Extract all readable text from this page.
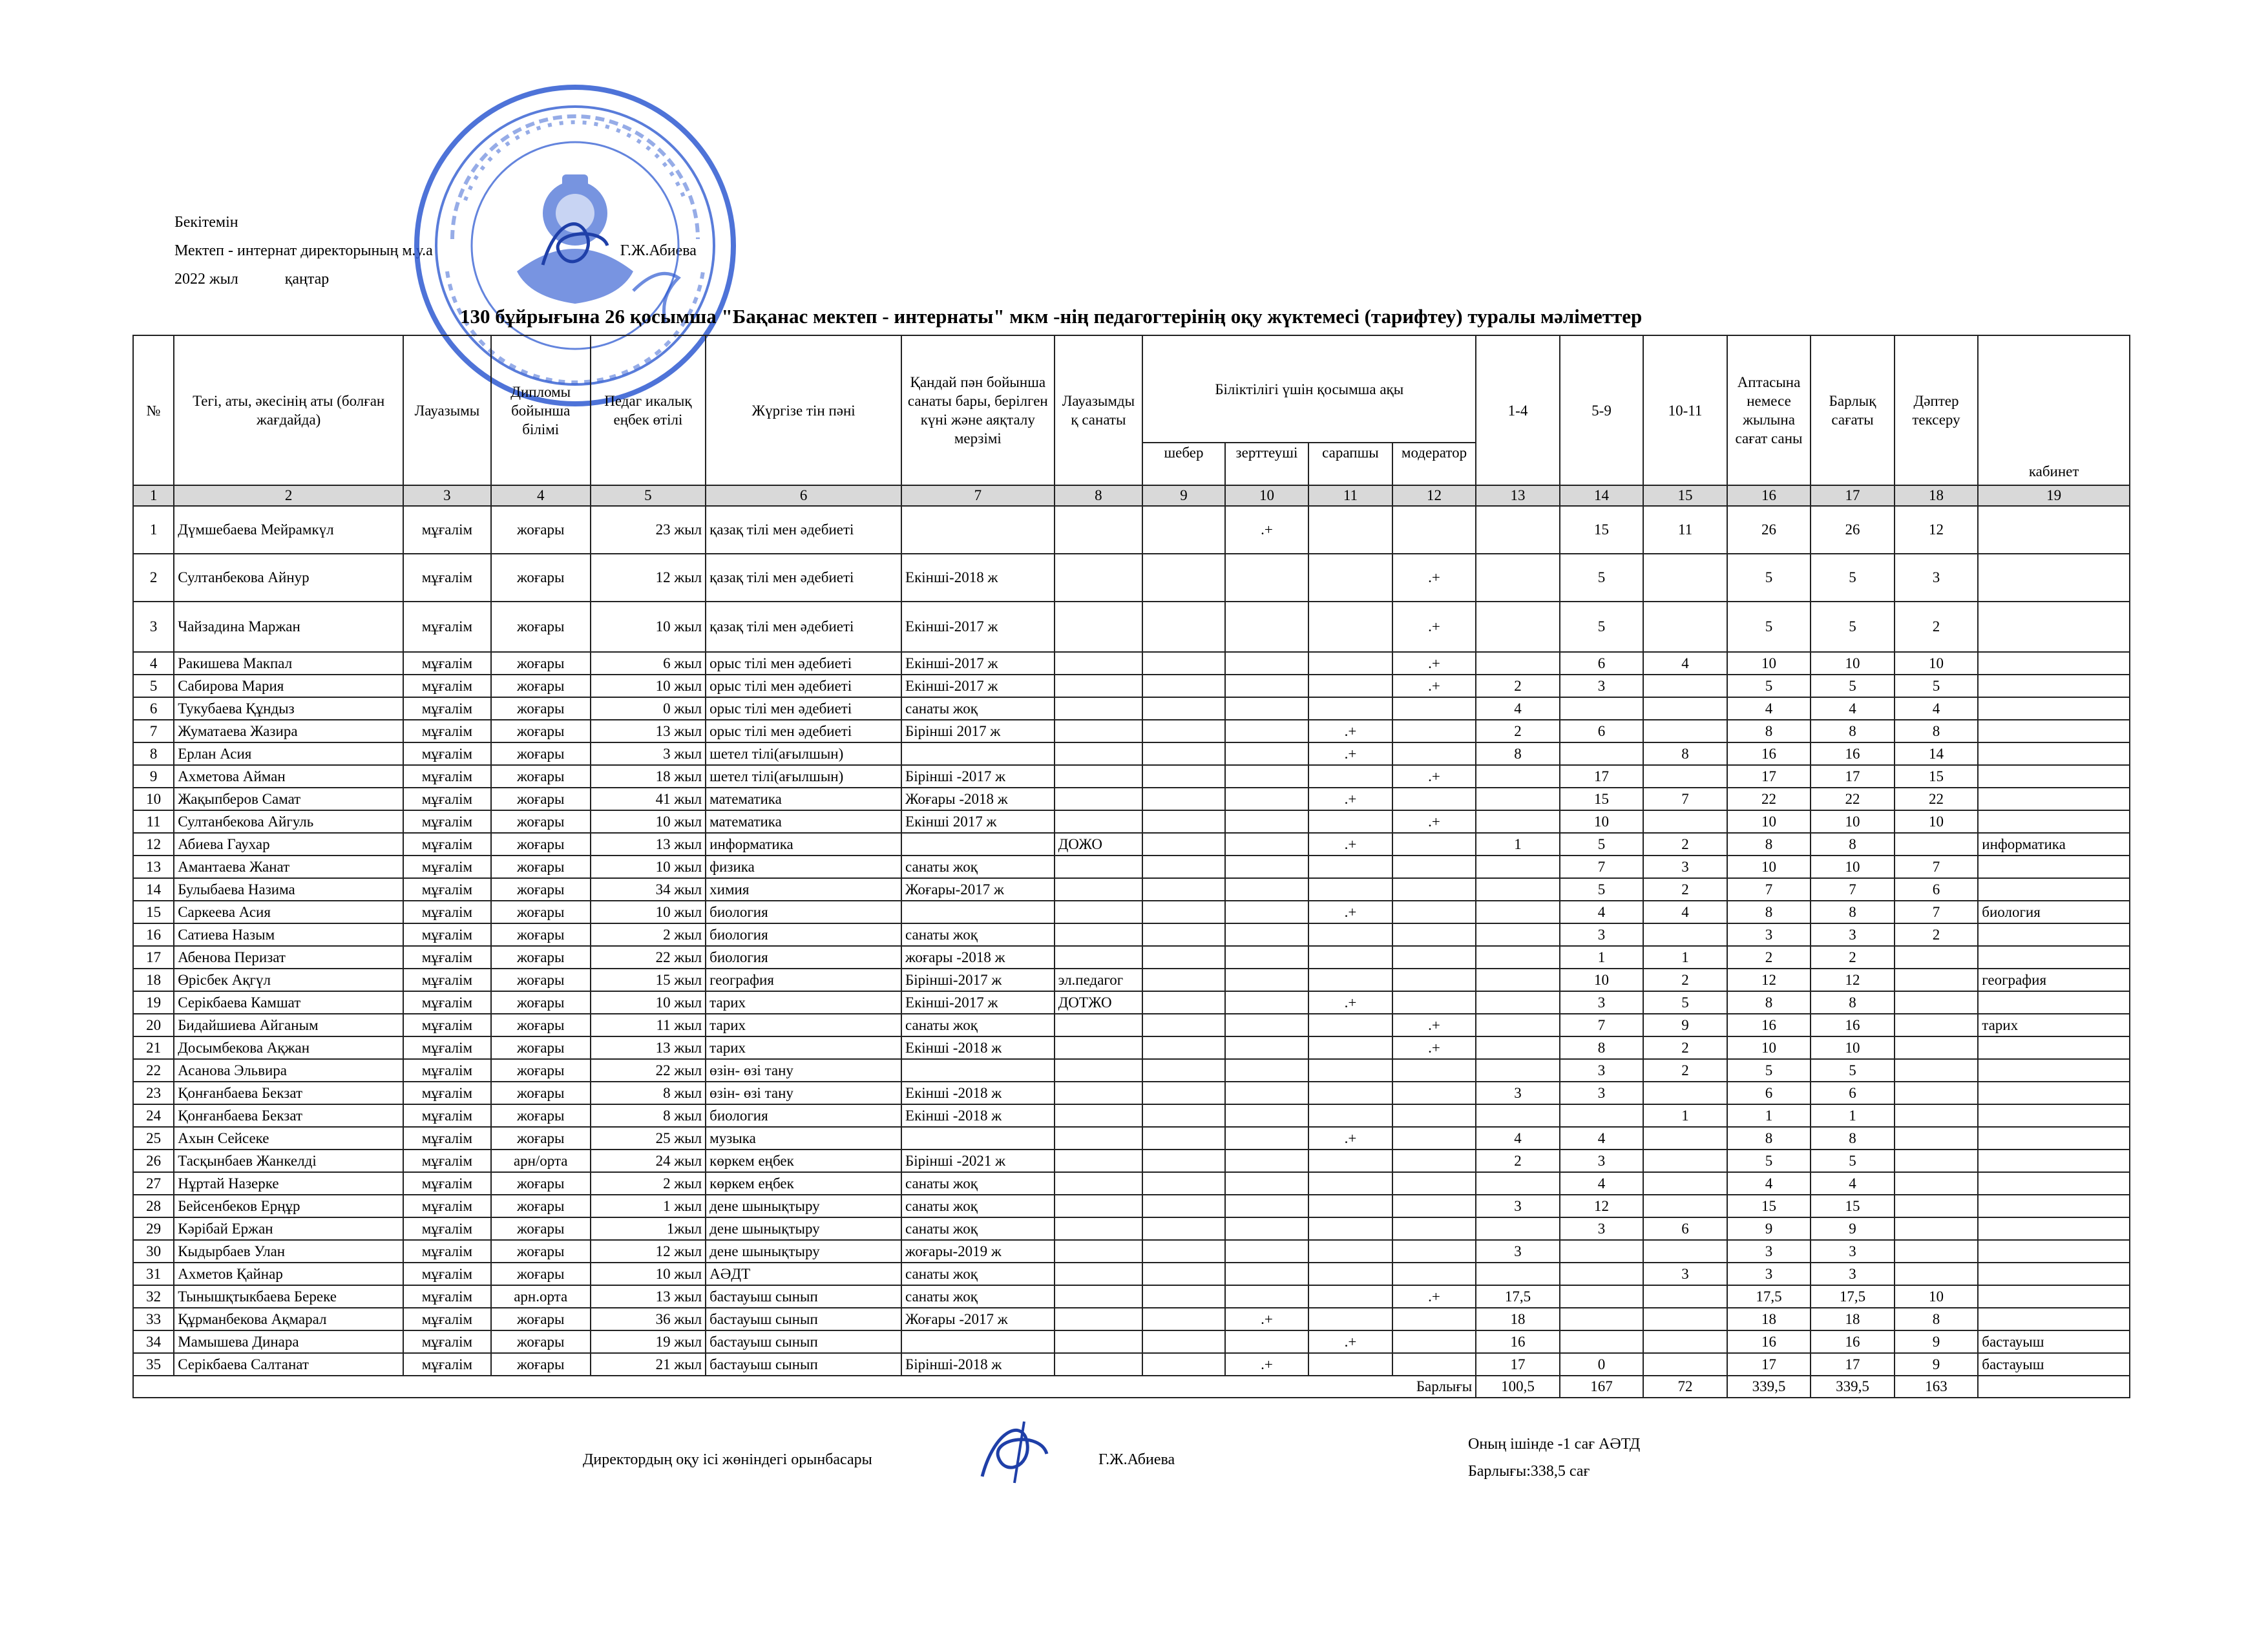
Бекітемін
Мектеп - интернат директорының м.у.а	Г.Ж.Абиева
2022 жыл	қаңтар
130 бұйрығына 26 қосымша "Бақанас мектеп - интернаты" мкм -нің педагогтерінің оқу жүктемесі (тарифтеу) туралы мәліметтер
№	Тегі, аты, әкесінің аты (болған жағдайда)	Лауазымы	Дипломы бойынша білімі	Педаг икалық еңбек өтілі	Жүргізе тін пәні	Қандай пән бойынша санаты бары, берілген күні және аяқталу мерзімі	Лауазымды қ санаты	Біліктілігі үшін қосымша ақы				1-4	5-9	10-11	Аптасына немесе жылына сағат саны	Барлық сағаты	Дәптер тексеру	кабинет
								шебер	зерттеуші	сарапшы	модератор							
1	2	3	4	5	6	7	8	9	10	11	12	13	14	15	16	17	18	19
1	Дүмшебаева Мейрамкүл	мұғалім	жоғары	23 жыл	қазақ тілі мен әдебиеті				.+				15	11	26	26	12	
2	Султанбекова Айнур	мұғалім	жоғары	12 жыл	қазақ тілі мен әдебиеті	Екінші-2018 ж					.+		5		5	5	3	
3	Чайзадина Маржан	мұғалім	жоғары	10 жыл	қазақ тілі мен әдебиеті	Екінші-2017 ж					.+		5		5	5	2	
4	Ракишева Макпал	мұғалім	жоғары	6 жыл	орыс тілі мен әдебиеті	Екінші-2017 ж					.+		6	4	10	10	10	
5	Сабирова Мария	мұғалім	жоғары	10 жыл	орыс тілі мен әдебиеті	Екінші-2017 ж					.+	2	3		5	5	5	
6	Тукубаева Құндыз	мұғалім	жоғары	0 жыл	орыс тілі мен әдебиеті	санаты жоқ						4			4	4	4	
7	Жуматаева Жазира	мұғалім	жоғары	13 жыл	орыс тілі мен әдебиеті	Бірінші 2017 ж				.+		2	6		8	8	8	
8	Ерлан Асия	мұғалім	жоғары	3 жыл	шетел тілі(ағылшын)					.+		8		8	16	16	14	
9	Ахметова Айман	мұғалім	жоғары	18 жыл	шетел тілі(ағылшын)	Бірінші -2017 ж					.+		17		17	17	15	
10	Жақыпберов Самат	мұғалім	жоғары	41 жыл	математика	Жоғары -2018 ж				.+			15	7	22	22	22	
11	Султанбекова Айгуль	мұғалім	жоғары	10 жыл	математика	Екінші 2017 ж					.+		10		10	10	10	
12	Абиева Гаухар	мұғалім	жоғары	13 жыл	информатика		ДОЖО			.+		1	5	2	8	8		информатика
13	Амантаева Жанат	мұғалім	жоғары	10 жыл	физика	санаты жоқ							7	3	10	10	7	
14	Булыбаева Назима	мұғалім	жоғары	34 жыл	химия	Жоғары-2017 ж							5	2	7	7	6	
15	Саркеева Асия	мұғалім	жоғары	10 жыл	биология					.+			4	4	8	8	7	биология
16	Сатиева Назым	мұғалім	жоғары	2 жыл	биология	санаты жоқ							3		3	3	2	
17	Абенова Перизат	мұғалім	жоғары	22 жыл	биология	жоғары -2018 ж							1	1	2	2		
18	Өрісбек Ақгүл	мұғалім	жоғары	15 жыл	география	Бірінші-2017 ж	эл.педагог						10	2	12	12		география
19	Серікбаева Камшат	мұғалім	жоғары	10 жыл	тарих	Екінші-2017 ж	ДОТЖО			.+			3	5	8	8		
20	Бидайшиева Айганым	мұғалім	жоғары	11 жыл	тарих	санаты жоқ					.+		7	9	16	16		тарих
21	Досымбекова Ақжан	мұғалім	жоғары	13 жыл	тарих	Екінші -2018 ж					.+		8	2	10	10		
22	Асанова Эльвира	мұғалім	жоғары	22 жыл	өзін- өзі тану								3	2	5	5		
23	Қонғанбаева Бекзат	мұғалім	жоғары	8 жыл	өзін- өзі тану	Екінші -2018 ж						3	3		6	6		
24	Қонғанбаева Бекзат	мұғалім	жоғары	8 жыл	биология	Екінші -2018 ж								1	1	1		
25	Ахын Сейсеке	мұғалім	жоғары	25 жыл	музыка					.+		4	4		8	8		
26	Тасқынбаев Жанкелді	мұғалім	арн/орта	24 жыл	көркем еңбек	Бірінші -2021 ж						2	3		5	5		
27	Нұртай Назерке	мұғалім	жоғары	2 жыл	көркем еңбек	санаты жоқ							4		4	4		
28	Бейсенбеков Ерңұр	мұғалім	жоғары	1 жыл	дене шынықтыру	санаты жоқ						3	12		15	15		
29	Кәрібай Ержан	мұғалім	жоғары	1жыл	дене шынықтыру	санаты жоқ							3	6	9	9		
30	Кыдырбаев Улан	мұғалім	жоғары	12 жыл	дене шынықтыру	жоғары-2019 ж						3			3	3		
31	Ахметов Қайнар	мұғалім	жоғары	10 жыл	АӘДТ	санаты жоқ								3	3	3		
32	Тынышқтыкбаева Береке	мұғалім	арн.орта	13 жыл	бастауыш сынып	санаты жоқ					.+	17,5			17,5	17,5	10	
33	Құрманбекова Ақмарал	мұғалім	жоғары	36 жыл	бастауыш сынып	Жоғары -2017 ж			.+			18			18	18	8	
34	Мамышева Динара	мұғалім	жоғары	19 жыл	бастауыш сынып					.+		16			16	16	9	бастауыш
35	Серікбаева Салтанат	мұғалім	жоғары	21 жыл	бастауыш сынып	Бірінші-2018 ж			.+			17	0		17	17	9	бастауыш
Барлығы												100,5	167	72	339,5	339,5	163	
Директордың оқу ісі жөніндегі орынбасары	Г.Ж.Абиева
Оның ішінде -1 сағ АӘТД
Барлығы:338,5 сағ
